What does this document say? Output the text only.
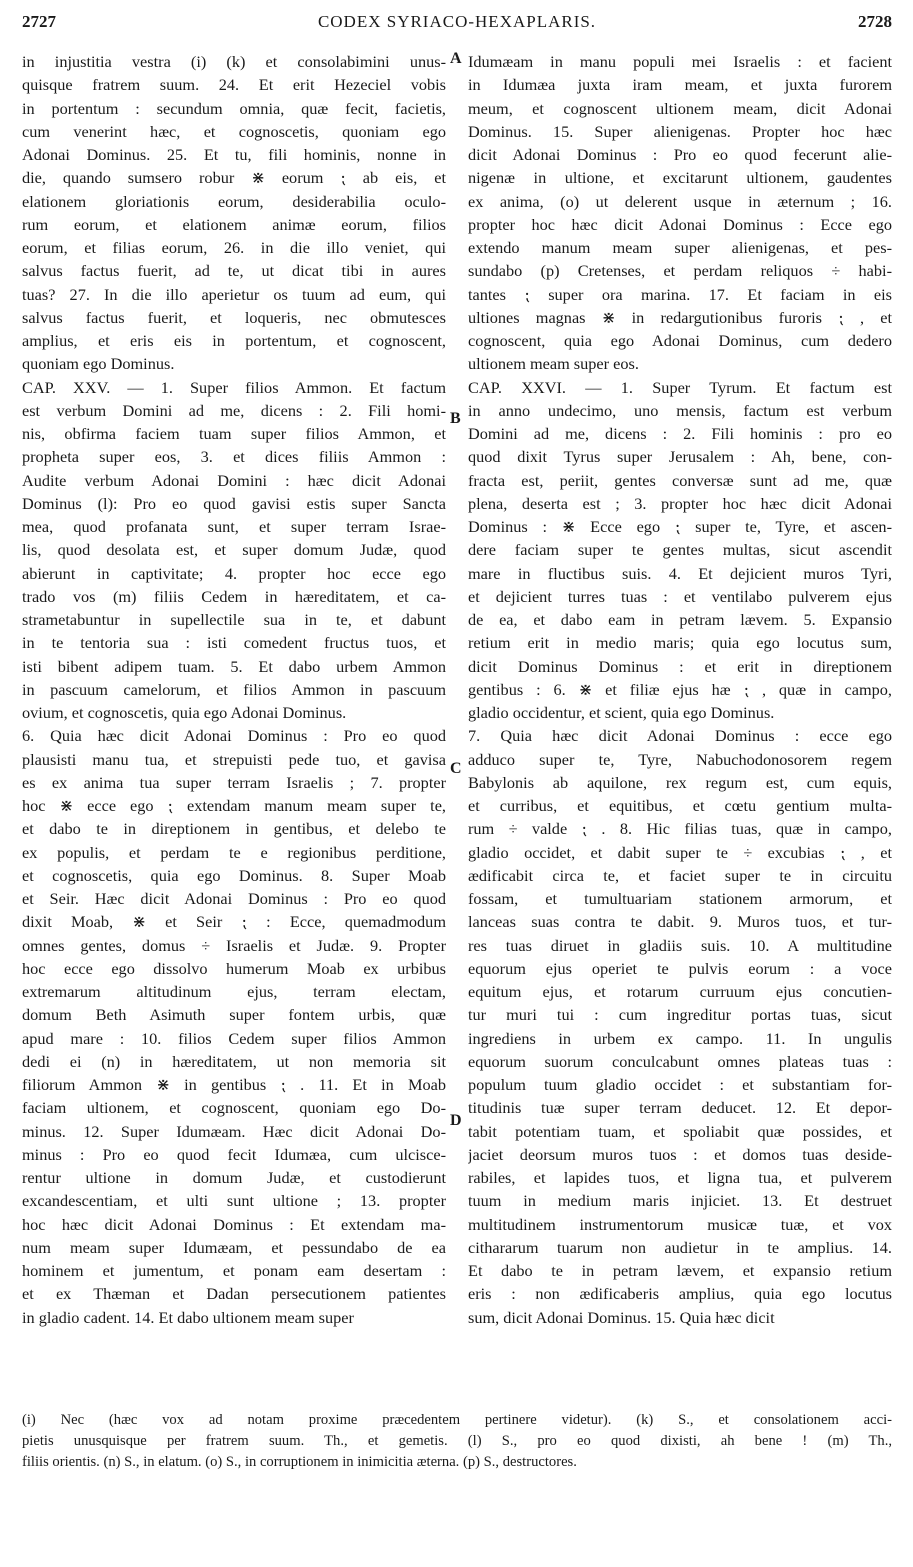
2727	CODEX SYRIACO-HEXAPLARIS.	2728
in injustitia vestra (i) (k) et consolabimini unus-
quisque fratrem suum. 24. Et erit Hezeciel vobis
in portentum : secundum omnia, quæ fecit, facietis,
cum venerint hæc, et cognoscetis, quoniam ego
Adonai Dominus. 25. Et tu, fili hominis, nonne in
die, quando sumsero robur ⋇ eorum ⁏ ab eis, et
elationem gloriationis eorum, desiderabilia oculo-
rum eorum, et elationem animæ eorum, filios
eorum, et filias eorum, 26. in die illo veniet, qui
salvus factus fuerit, ad te, ut dicat tibi in aures
tuas? 27. In die illo aperietur os tuum ad eum, qui
salvus factus fuerit, et loqueris, nec obmutesces
amplius, et eris eis in portentum, et cognoscent,
quoniam ego Dominus.
CAP. XXV. — 1. Super filios Ammon. Et factum
est verbum Domini ad me, dicens : 2. Fili homi-
nis, obfirma faciem tuam super filios Ammon, et
propheta super eos, 3. et dices filiis Ammon :
Audite verbum Adonai Domini : hæc dicit Adonai
Dominus (l): Pro eo quod gavisi estis super Sancta
mea, quod profanata sunt, et super terram Israe-
lis, quod desolata est, et super domum Judæ, quod
abierunt in captivitate; 4. propter hoc ecce ego
trado vos (m) filiis Cedem in hæreditatem, et ca-
strametabuntur in supellectile sua in te, et dabunt
in te tentoria sua : isti comedent fructus tuos, et
isti bibent adipem tuam. 5. Et dabo urbem Ammon
in pascuum camelorum, et filios Ammon in pascuum
ovium, et cognoscetis, quia ego Adonai Dominus.
6. Quia hæc dicit Adonai Dominus : Pro eo quod
plausisti manu tua, et strepuisti pede tuo, et gavisa
es ex anima tua super terram Israelis ; 7. propter
hoc ⋇ ecce ego ⁏ extendam manum meam super te,
et dabo te in direptionem in gentibus, et delebo te
ex populis, et perdam te e regionibus perditione,
et cognoscetis, quia ego Dominus. 8. Super Moab
et Seir. Hæc dicit Adonai Dominus : Pro eo quod
dixit Moab, ⋇ et Seir ⁏ : Ecce, quemadmodum
omnes gentes, domus ÷ Israelis et Judæ. 9. Propter
hoc ecce ego dissolvo humerum Moab ex urbibus
extremarum altitudinum ejus, terram electam,
domum Beth Asimuth super fontem urbis, quæ
apud mare : 10. filios Cedem super filios Ammon
dedi ei (n) in hæreditatem, ut non memoria sit
filiorum Ammon ⋇ in gentibus ⁏ . 11. Et in Moab
faciam ultionem, et cognoscent, quoniam ego Do-
minus. 12. Super Idumæam. Hæc dicit Adonai Do-
minus : Pro eo quod fecit Idumæa, cum ulcisce-
rentur ultione in domum Judæ, et custodierunt
excandescentiam, et ulti sunt ultione ; 13. propter
hoc hæc dicit Adonai Dominus : Et extendam ma-
num meam super Idumæam, et pessundabo de ea
hominem et jumentum, et ponam eam desertam :
et ex Thæman et Dadan persecutionem patientes
in gladio cadent. 14. Et dabo ultionem meam super
Idumæam in manu populi mei Israelis : et facient
in Idumæa juxta iram meam, et juxta furorem
meum, et cognoscent ultionem meam, dicit Adonai
Dominus. 15. Super alienigenas. Propter hoc hæc
dicit Adonai Dominus : Pro eo quod fecerunt alie-
nigenæ in ultione, et excitarunt ultionem, gaudentes
ex anima, (o) ut delerent usque in æternum ; 16.
propter hoc hæc dicit Adonai Dominus : Ecce ego
extendo manum meam super alienigenas, et pes-
sundabo (p) Cretenses, et perdam reliquos ÷ habi-
tantes ⁏ super ora marina. 17. Et faciam in eis
ultiones magnas ⋇ in redargutionibus furoris ⁏ , et
cognoscent, quia ego Adonai Dominus, cum dedero
ultionem meam super eos.
CAP. XXVI. — 1. Super Tyrum. Et factum est
in anno undecimo, uno mensis, factum est verbum
Domini ad me, dicens : 2. Fili hominis : pro eo
quod dixit Tyrus super Jerusalem : Ah, bene, con-
fracta est, periit, gentes conversæ sunt ad me, quæ
plena, deserta est ; 3. propter hoc hæc dicit Adonai
Dominus : ⋇ Ecce ego ⁏ super te, Tyre, et ascen-
dere faciam super te gentes multas, sicut ascendit
mare in fluctibus suis. 4. Et dejicient muros Tyri,
et dejicient turres tuas : et ventilabo pulverem ejus
de ea, et dabo eam in petram lævem. 5. Expansio
retium erit in medio maris; quia ego locutus sum,
dicit Dominus Dominus : et erit in direptionem
gentibus : 6. ⋇ et filiæ ejus hæ ⁏ , quæ in campo,
gladio occidentur, et scient, quia ego Dominus.
7. Quia hæc dicit Adonai Dominus : ecce ego
adduco super te, Tyre, Nabuchodonosorem regem
Babylonis ab aquilone, rex regum est, cum equis,
et curribus, et equitibus, et cœtu gentium multa-
rum ÷ valde ⁏ . 8. Hic filias tuas, quæ in campo,
gladio occidet, et dabit super te ÷ excubias ⁏ , et
ædificabit circa te, et faciet super te in circuitu
fossam, et tumultuariam stationem armorum, et
lanceas suas contra te dabit. 9. Muros tuos, et tur-
res tuas diruet in gladiis suis. 10. A multitudine
equorum ejus operiet te pulvis eorum : a voce
equitum ejus, et rotarum curruum ejus concutien-
tur muri tui : cum ingreditur portas tuas, sicut
ingrediens in urbem ex campo. 11. In ungulis
equorum suorum conculcabunt omnes plateas tuas :
populum tuum gladio occidet : et substantiam for-
titudinis tuæ super terram deducet. 12. Et depor-
tabit potentiam tuam, et spoliabit quæ possides, et
jaciet deorsum muros tuos : et domos tuas deside-
rabiles, et lapides tuos, et ligna tua, et pulverem
tuum in medium maris injiciet. 13. Et destruet
multitudinem instrumentorum musicæ tuæ, et vox
cithararum tuarum non audietur in te amplius. 14.
Et dabo te in petram lævem, et expansio retium
eris : non ædificaberis amplius, quia ego locutus
sum, dicit Adonai Dominus. 15. Quia hæc dicit
A
B
C
D
(i) Nec (hæc vox ad notam proxime præcedentem pertinere videtur). (k) S., et consolationem acci-
pietis unusquisque per fratrem suum. Th., et gemetis. (l) S., pro eo quod dixisti, ah bene ! (m) Th.,
filiis orientis. (n) S., in elatum. (o) S., in corruptionem in inimicitia æterna. (p) S., destructores.
